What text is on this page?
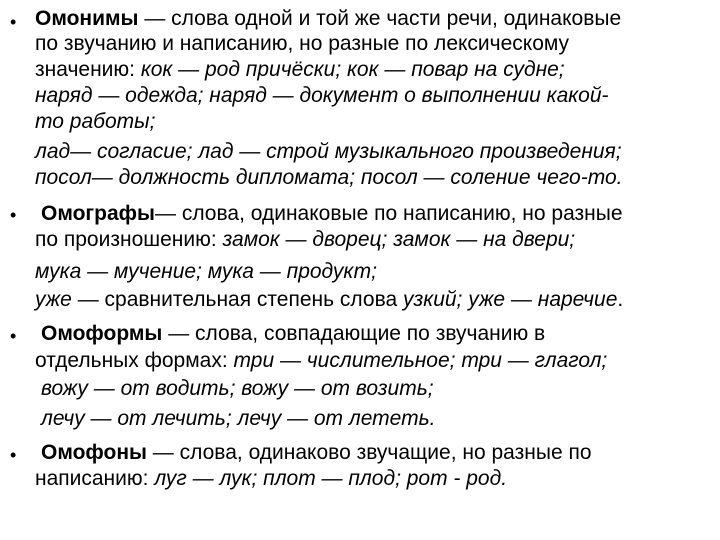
• Омонимы — слова одной и той же части речи, одинаковые
по звучанию и написанию, но разные по лексическому
значению: кок — род причёски; кок — повар на судне;
наряд — одежда; наряд — документ о выполнении какой-
то работы;
лад— согласие; лад — строй музыкального произведения;
посол— должность дипломата; посол — соление чего-то.
• Омографы— слова, одинаковые по написанию, но разные
по произношению: замок — дворец; замок — на двери;
мука — мучение; мука — продукт;
уже — сравнительная степень слова узкий; уже — наречие.
• Омоформы — слова, совпадающие по звучанию в
отдельных формах: три — числительное; три — глагол;
вожу — от водить; вожу — от возить;
лечу — от лечить; лечу — от лететь.
• Омофоны — слова, одинаково звучащие, но разные по
написанию: луг — лук; плот — плод; рот - род.
